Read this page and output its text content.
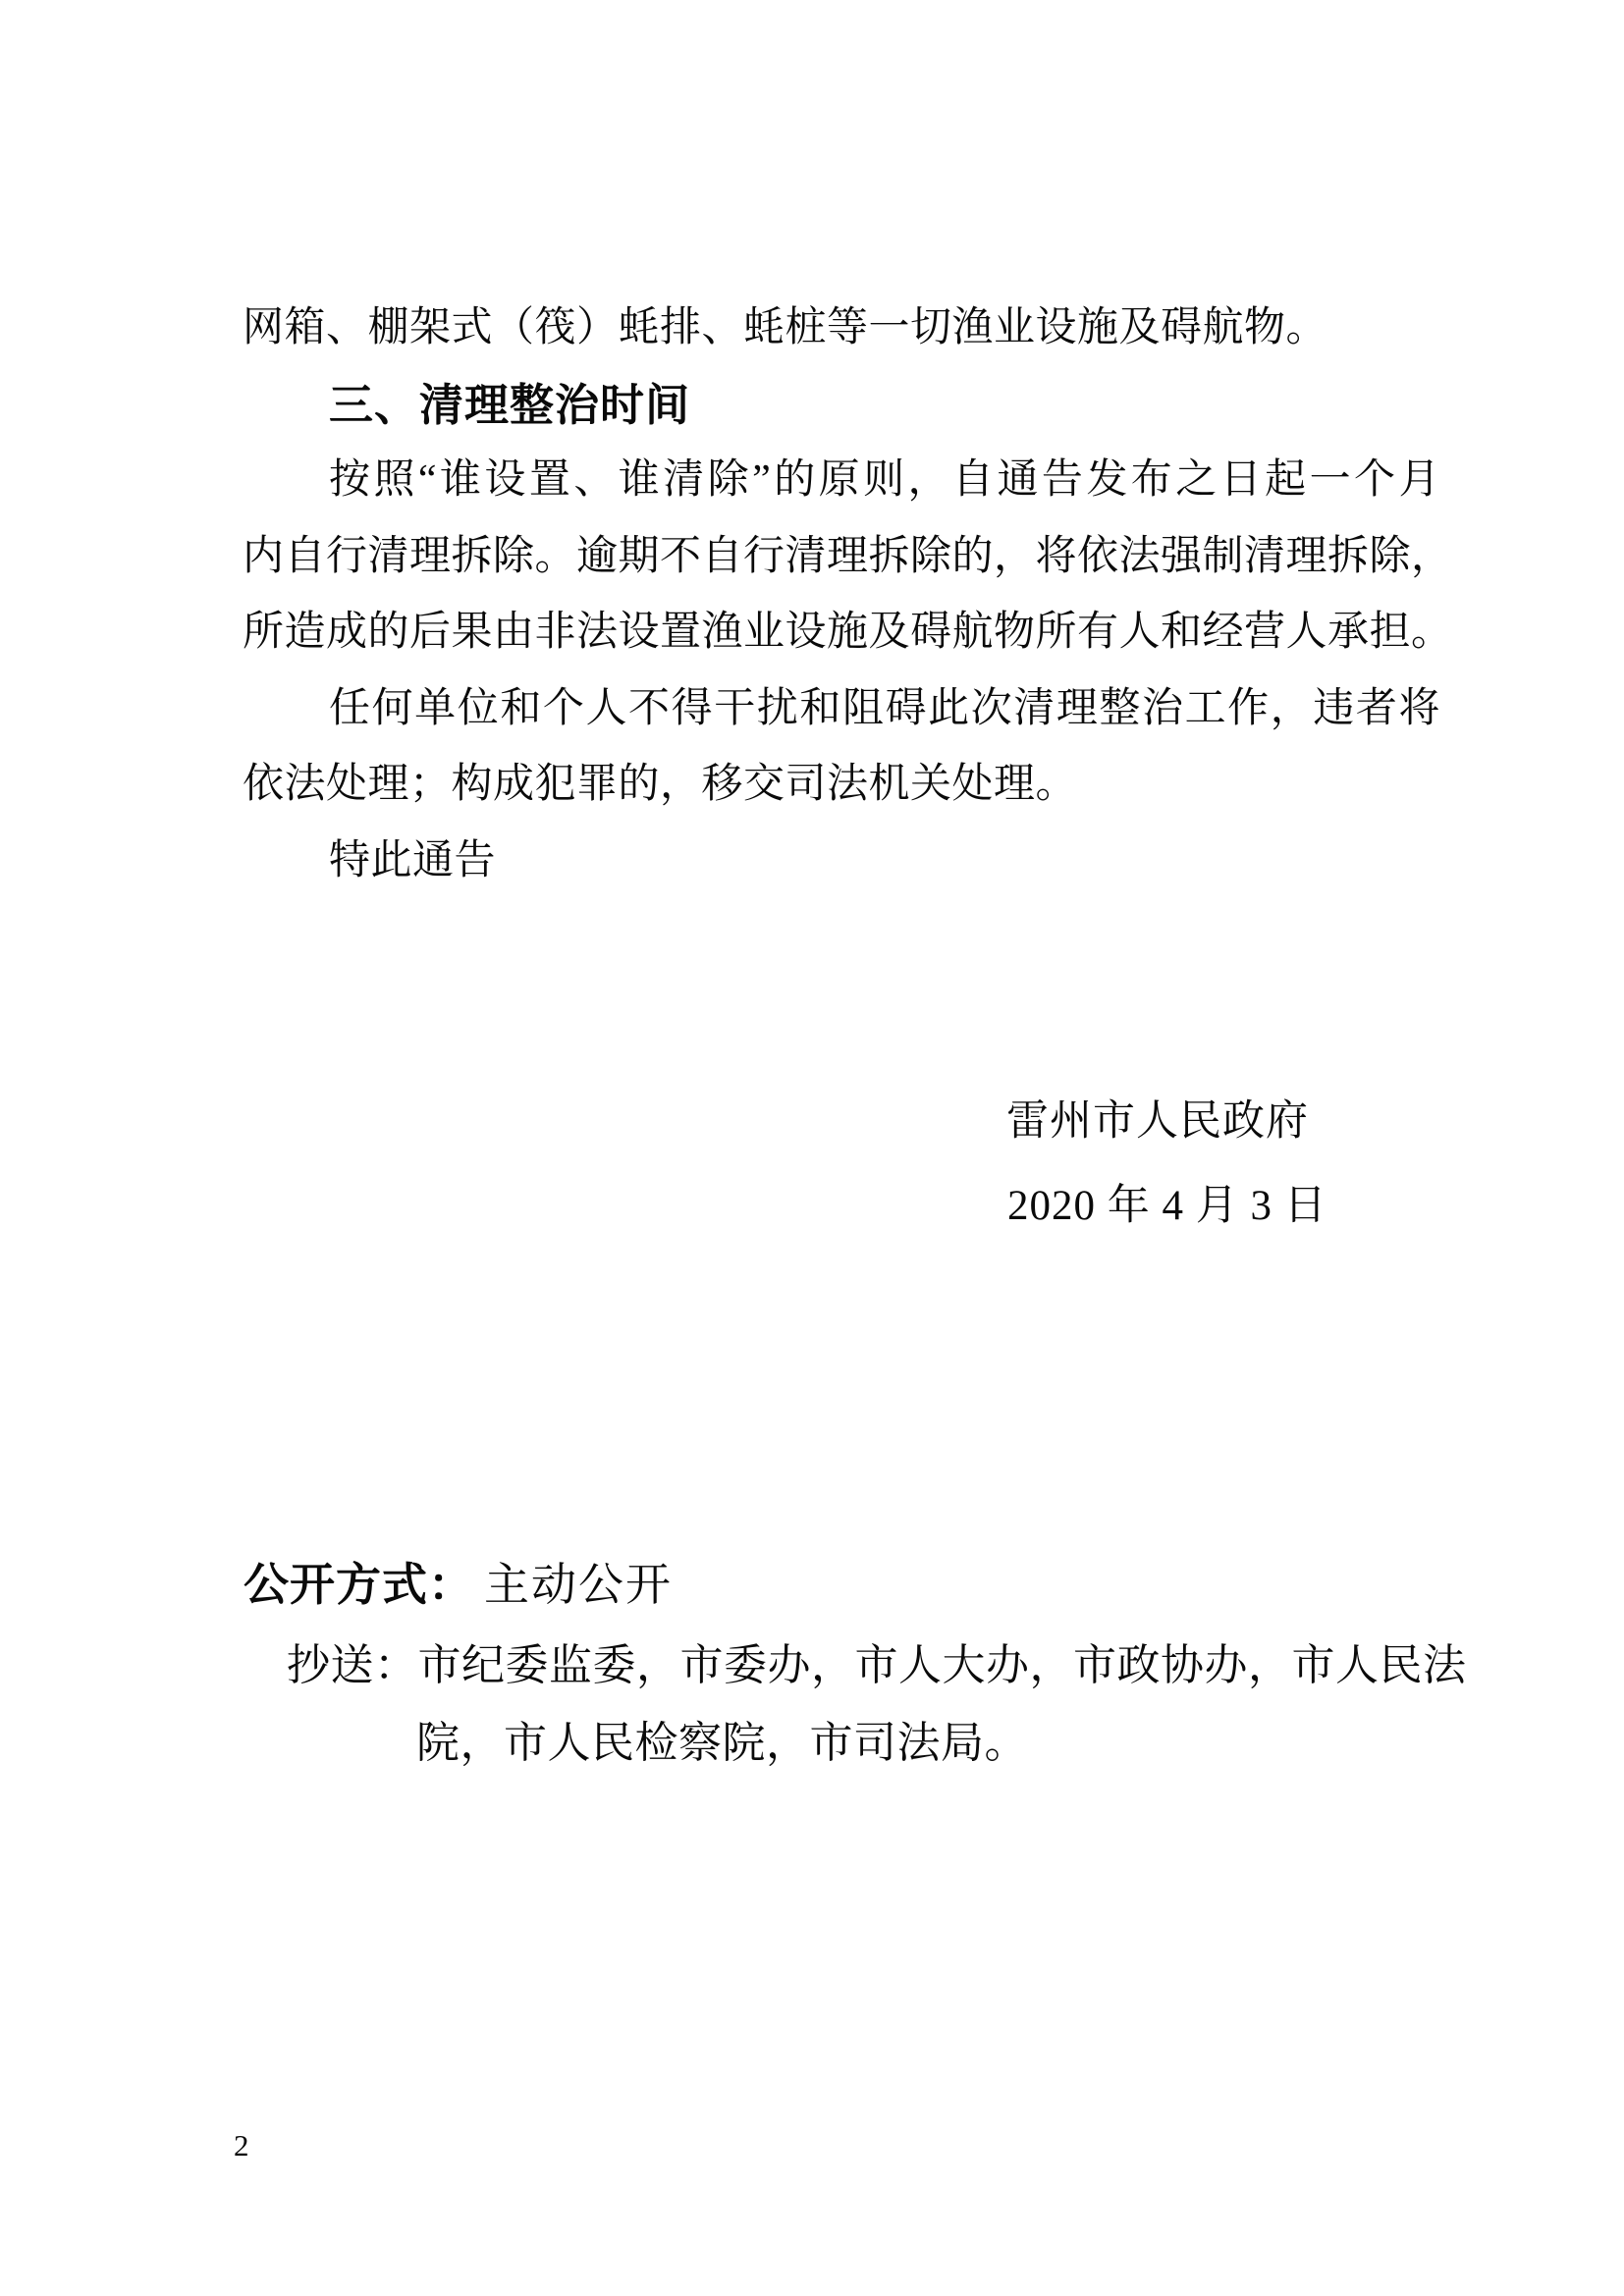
网箱、棚架式（筏）蚝排、蚝桩等一切渔业设施及碍航物。
三、清理整治时间
按照“谁设置、谁清除”的原则，自通告发布之日起一个月
内自行清理拆除。逾期不自行清理拆除的，将依法强制清理拆除，
所造成的后果由非法设置渔业设施及碍航物所有人和经营人承担。
任何单位和个人不得干扰和阻碍此次清理整治工作，违者将
依法处理；构成犯罪的，移交司法机关处理。
特此通告
雷州市人民政府
2020 年 4 月 3 日
公开方式： 主动公开
抄送：市纪委监委，市委办，市人大办，市政协办，市人民法
院，市人民检察院，市司法局。
2
